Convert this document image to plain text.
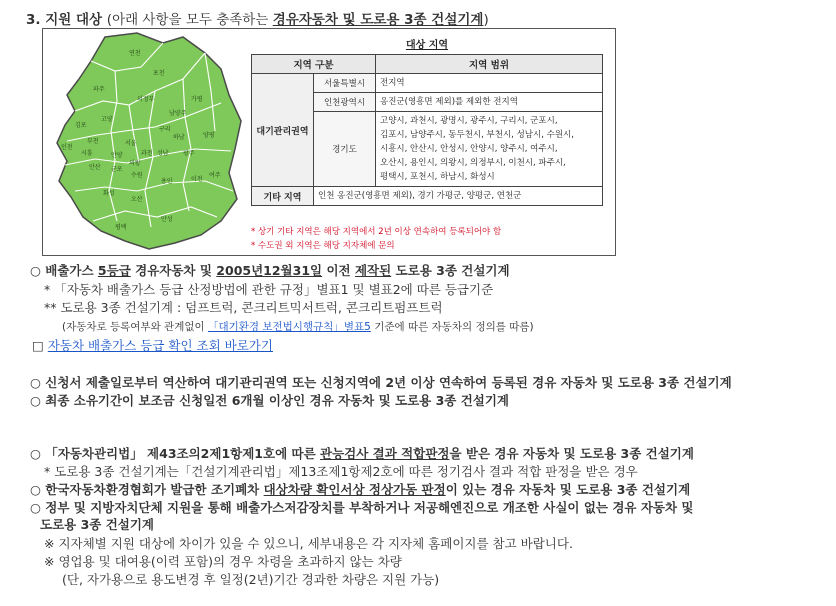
3. 지원 대상 (아래 사항을 모두 충족하는 경유자동차 및 도로용 3종 건설기계)
가평
양평
포천
연천
파주
고양
김포
서울
성남
용인
화성
평택
안성
이천
여주
광주
수원
안산
시흥
부천
인천
의정부
구리
하남
남양주
오산
의왕
군포
안양	과천
대상 지역		
지역 구분		지역 범위
대기관리권역	서울특별시	전지역
	인천광역시	옹진군(영흥면 제외)를 제외한 전지역
	경기도	고양시, 과천시, 광명시, 광주시, 구리시, 군포시,
김포시, 남양주시, 동두천시, 부천시, 성남시, 수원시,
시흥시, 안산시, 안성시, 안양시, 양주시, 여주시,
오산시, 용인시, 의왕시, 의정부시, 이천시, 파주시,
평택시, 포천시, 하남시, 화성시

기타 지역	인천 옹진군(영흥면 제외), 경기 가평군, 양평군, 연천군	
* 상기 기타 지역은 해당 지역에서 2년 이상 연속하여 등록되어야 함
* 수도권 외 지역은 해당 지자체에 문의
○ 배출가스 5등급 경유자동차 및 2005년12월31일 이전 제작된 도로용 3종 건설기계
* 「자동차 배출가스 등급 산정방법에 관한 규정」별표1 및 별표2에 따른 등급기준
** 도로용 3종 건설기계 : 덤프트럭, 콘크리트믹서트럭, 콘크리트펌프트럭
(자동차로 등록여부와 관계없이 「대기환경 보전법시행규칙」별표5 기준에 따른 자동차의 정의를 따름)
□ 자동차 배출가스 등급 확인 조회 바로가기
○ 신청서 제출일로부터 역산하여 대기관리권역 또는 신청지역에 2년 이상 연속하여 등록된 경유 자동차 및 도로용 3종 건설기계
○ 최종 소유기간이 보조금 신청일전 6개월 이상인 경유 자동차 및 도로용 3종 건설기계
○ 「자동차관리법」 제43조의2제1항제1호에 따른 관능검사 결과 적합판정을 받은 경유 자동차 및 도로용 3종 건설기계
* 도로용 3종 건설기계는「건설기계관리법」제13조제1항제2호에 따른 정기검사 결과 적합 판정을 받은 경우
○ 한국자동차환경협회가 발급한 조기폐차 대상차량 확인서상 정상가동 판정이 있는 경유 자동차 및 도로용 3종 건설기계
○ 정부 및 지방자치단체 지원을 통해 배출가스저감장치를 부착하거나 저공해엔진으로 개조한 사실이 없는 경유 자동차 및
도로용 3종 건설기계
※ 지자체별 지원 대상에 차이가 있을 수 있으니, 세부내용은 각 지자체 홈페이지를 참고 바랍니다.
※ 영업용 및 대여용(이력 포함)의 경우 차령을 초과하지 않는 차량
(단, 자가용으로 용도변경 후 일정(2년)기간 경과한 차량은 지원 가능)
